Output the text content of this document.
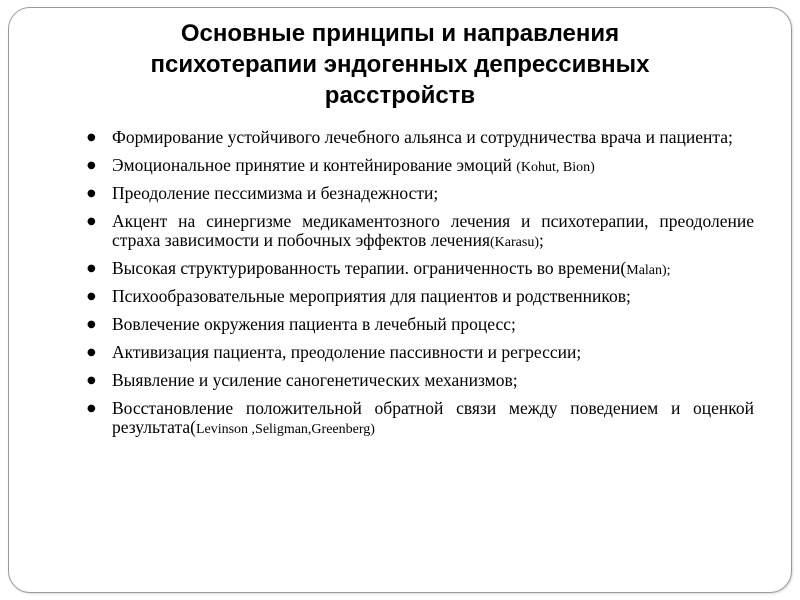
Основные принципы и направления
психотерапии эндогенных депрессивных
расстройств
● Формирование устойчивого лечебного альянса и сотрудничества врача и пациента;
● Эмоциональное принятие и контейнирование эмоций (Kohut, Bion)
● Преодоление пессимизма и безнадежности;
● Акцент на синергизме медикаментозного лечения и психотерапии, преодоление страха зависимости и побочных эффектов лечения(Karasu);
● Высокая структурированность терапии. ограниченность во времени(Malan);
● Психообразовательные мероприятия для пациентов и родственников;
● Вовлечение окружения пациента в лечебный процесс;
● Активизация пациента, преодоление пассивности и регрессии;
● Выявление и усиление саногенетических механизмов;
● Восстановление положительной обратной связи между поведением и оценкой результата(Levinson ,Seligman,Greenberg)
